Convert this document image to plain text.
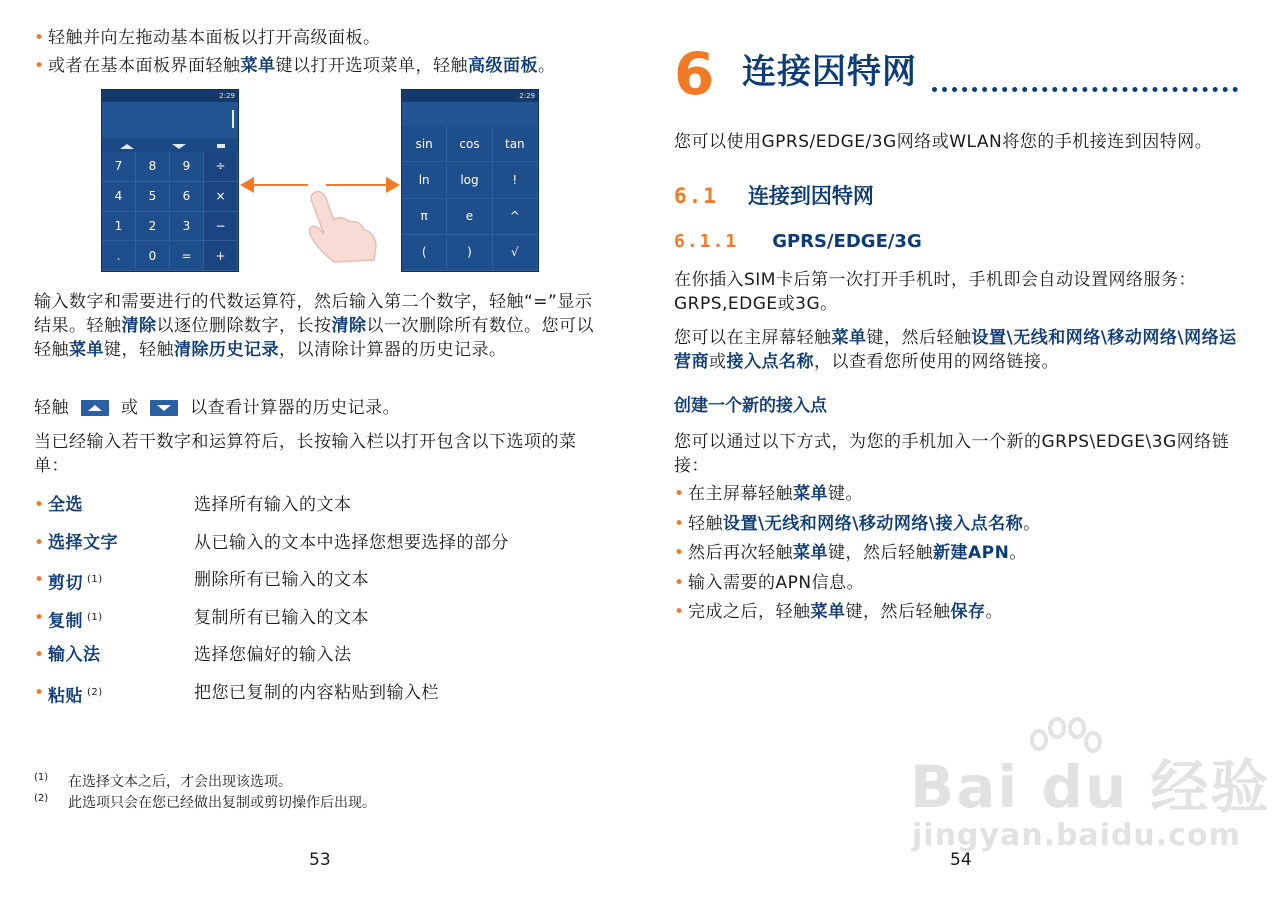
• 轻触并向左拖动基本面板以打开高级面板。
• 或者在基本面板界面轻触菜单键以打开选项菜单，轻触高级面板。
2:29
7	8	9	÷
4	5	6	×
1	2	3	−
.	0	=	+
2:29
sin	cos	tan
ln	log	!
π	e	^
(	)	√
输入数字和需要进行的代数运算符，然后输入第二个数字，轻触“=”显示结果。轻触清除以逐位删除数字，长按清除以一次删除所有数位。您可以轻触菜单键，轻触清除历史记录，以清除计算器的历史记录。
轻触	或	以查看计算器的历史记录。
当已经输入若干数字和运算符后，长按输入栏以打开包含以下选项的菜单：
• 全选	选择所有输入的文本
• 选择文字	从已输入的文本中选择您想要选择的部分
• 剪切 $^{(1)}$	删除所有已输入的文本
• 复制 $^{(1)}$	复制所有已输入的文本
• 输入法	选择您偏好的输入法
• 粘贴 $^{(2)}$	把您已复制的内容粘贴到输入栏
(1) 在选择文本之后，才会出现该选项。
(2) 此选项只会在您已经做出复制或剪切操作后出现。
53
6 连接因特网
您可以使用GPRS/EDGE/3G网络或WLAN将您的手机接连到因特网。
6.1 连接到因特网
6.1.1 GPRS/EDGE/3G
在你插入SIM卡后第一次打开手机时，手机即会自动设置网络服务：GRPS,EDGE或3G。
您可以在主屏幕轻触菜单键，然后轻触设置\无线和网络\移动网络\网络运营商或接入点名称，以查看您所使用的网络链接。
创建一个新的接入点
您可以通过以下方式，为您的手机加入一个新的GRPS\EDGE\3G网络链接：
• 在主屏幕轻触菜单键。
• 轻触设置\无线和网络\移动网络\接入点名称。
• 然后再次轻触菜单键，然后轻触新建APN。
• 输入需要的APN信息。
• 完成之后，轻触菜单键，然后轻触保存。
Bai du 经验
jingyan.baidu.com
54
